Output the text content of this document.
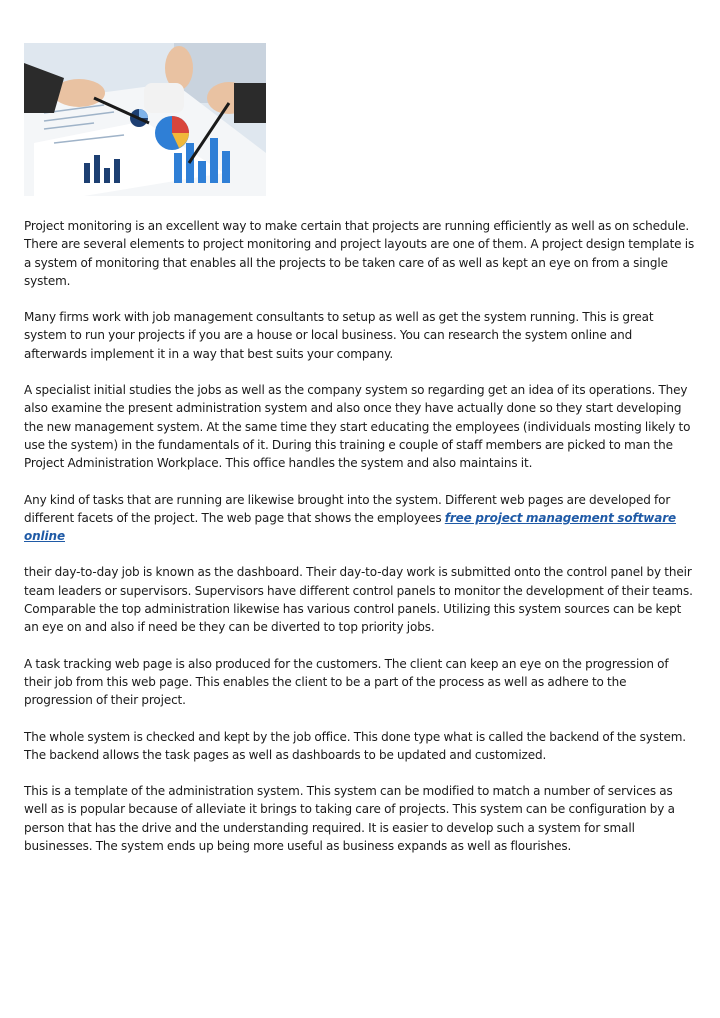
Project monitoring is an excellent way to make certain that projects are running efficiently as well as on schedule. There are several elements to project monitoring and project layouts are one of them. A project design template is a system of monitoring that enables all the projects to be taken care of as well as kept an eye on from a single system.

Many firms work with job management consultants to setup as well as get the system running. This is great system to run your projects if you are a house or local business. You can research the system online and afterwards implement it in a way that best suits your company.

A specialist initial studies the jobs as well as the company system so regarding get an idea of its operations. They also examine the present administration system and also once they have actually done so they start developing the new management system. At the same time they start educating the employees (individuals mosting likely to use the system) in the fundamentals of it. During this training e couple of staff members are picked to man the Project Administration Workplace. This office handles the system and also maintains it.

Any kind of tasks that are running are likewise brought into the system. Different web pages are developed for different facets of the project. The web page that shows the employees free project management software online

their day-to-day job is known as the dashboard. Their day-to-day work is submitted onto the control panel by their team leaders or supervisors. Supervisors have different control panels to monitor the development of their teams. Comparable the top administration likewise has various control panels. Utilizing this system sources can be kept an eye on and also if need be they can be diverted to top priority jobs.

A task tracking web page is also produced for the customers. The client can keep an eye on the progression of their job from this web page. This enables the client to be a part of the process as well as adhere to the progression of their project.

The whole system is checked and kept by the job office. This done type what is called the backend of the system. The backend allows the task pages as well as dashboards to be updated and customized.

This is a template of the administration system. This system can be modified to match a number of services as well as is popular because of alleviate it brings to taking care of projects. This system can be configuration by a person that has the drive and the understanding required. It is easier to develop such a system for small businesses. The system ends up being more useful as business expands as well as flourishes.
